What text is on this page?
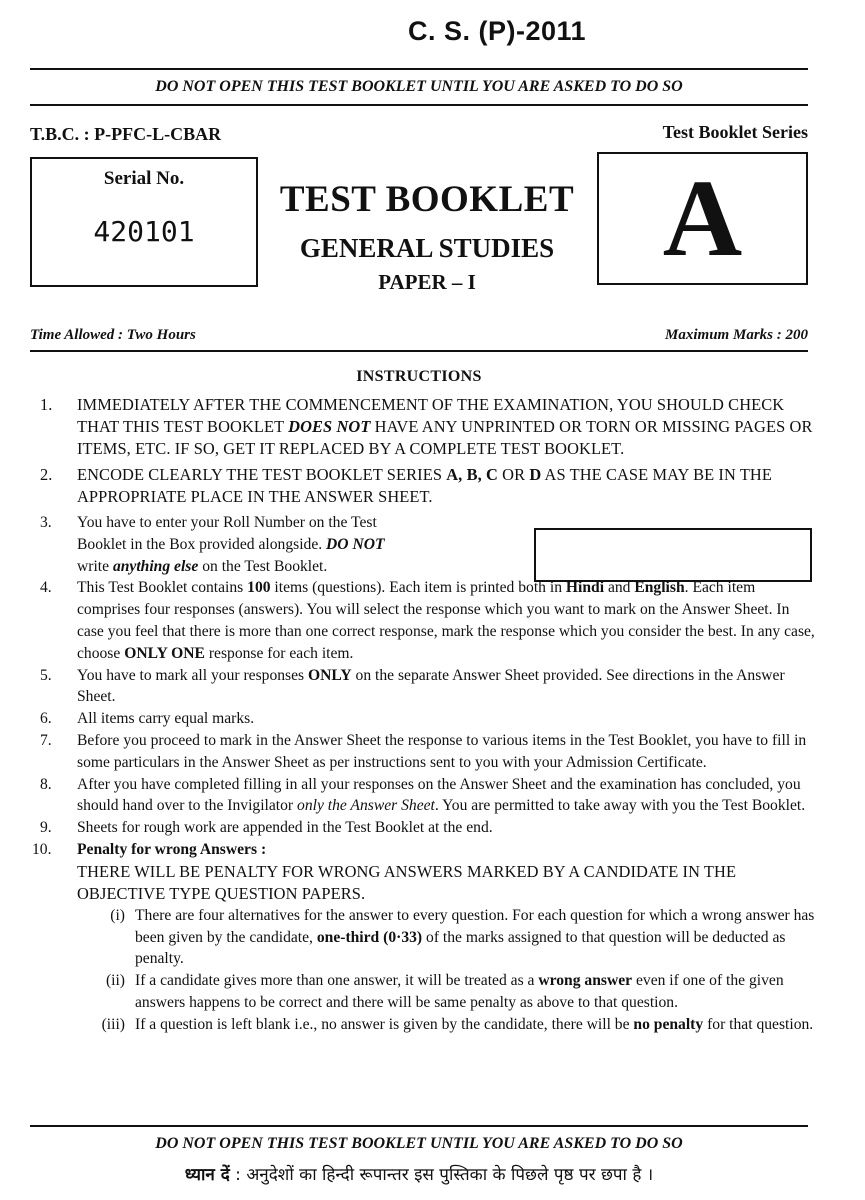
C. S. (P)-2011
DO NOT OPEN THIS TEST BOOKLET UNTIL YOU ARE ASKED TO DO SO
T.B.C. : P-PFC-L-CBAR	Test Booklet Series
Serial No.
420101
TEST BOOKLET
GENERAL STUDIES
PAPER – I
A
Time Allowed : Two Hours	Maximum Marks : 200
INSTRUCTIONS
1.	IMMEDIATELY AFTER THE COMMENCEMENT OF THE EXAMINATION, YOU SHOULD CHECK THAT THIS TEST BOOKLET DOES NOT HAVE ANY UNPRINTED OR TORN OR MISSING PAGES OR ITEMS, ETC. IF SO, GET IT REPLACED BY A COMPLETE TEST BOOKLET.
2.	ENCODE CLEARLY THE TEST BOOKLET SERIES A, B, C OR D AS THE CASE MAY BE IN THE APPROPRIATE PLACE IN THE ANSWER SHEET.
3.	You have to enter your Roll Number on the Test
Booklet in the Box provided alongside. DO NOT
write anything else on the Test Booklet.
4.	This Test Booklet contains 100 items (questions). Each item is printed both in Hindi and English. Each item comprises four responses (answers). You will select the response which you want to mark on the Answer Sheet. In case you feel that there is more than one correct response, mark the response which you consider the best. In any case, choose ONLY ONE response for each item.
5.	You have to mark all your responses ONLY on the separate Answer Sheet provided. See directions in the Answer Sheet.
6.	All items carry equal marks.
7.	Before you proceed to mark in the Answer Sheet the response to various items in the Test Booklet, you have to fill in some particulars in the Answer Sheet as per instructions sent to you with your Admission Certificate.
8.	After you have completed filling in all your responses on the Answer Sheet and the examination has concluded, you should hand over to the Invigilator only the Answer Sheet. You are permitted to take away with you the Test Booklet.
9.	Sheets for rough work are appended in the Test Booklet at the end.
10.	Penalty for wrong Answers :
THERE WILL BE PENALTY FOR WRONG ANSWERS MARKED BY A CANDIDATE IN THE OBJECTIVE TYPE QUESTION PAPERS.
(i) There are four alternatives for the answer to every question. For each question for which a wrong answer has been given by the candidate, one-third (0·33) of the marks assigned to that question will be deducted as penalty.
(ii) If a candidate gives more than one answer, it will be treated as a wrong answer even if one of the given answers happens to be correct and there will be same penalty as above to that question.
(iii) If a question is left blank i.e., no answer is given by the candidate, there will be no penalty for that question.
DO NOT OPEN THIS TEST BOOKLET UNTIL YOU ARE ASKED TO DO SO
ध्यान दें : अनुदेशों का हिन्दी रूपान्तर इस पुस्तिका के पिछले पृष्ठ पर छपा है ।
